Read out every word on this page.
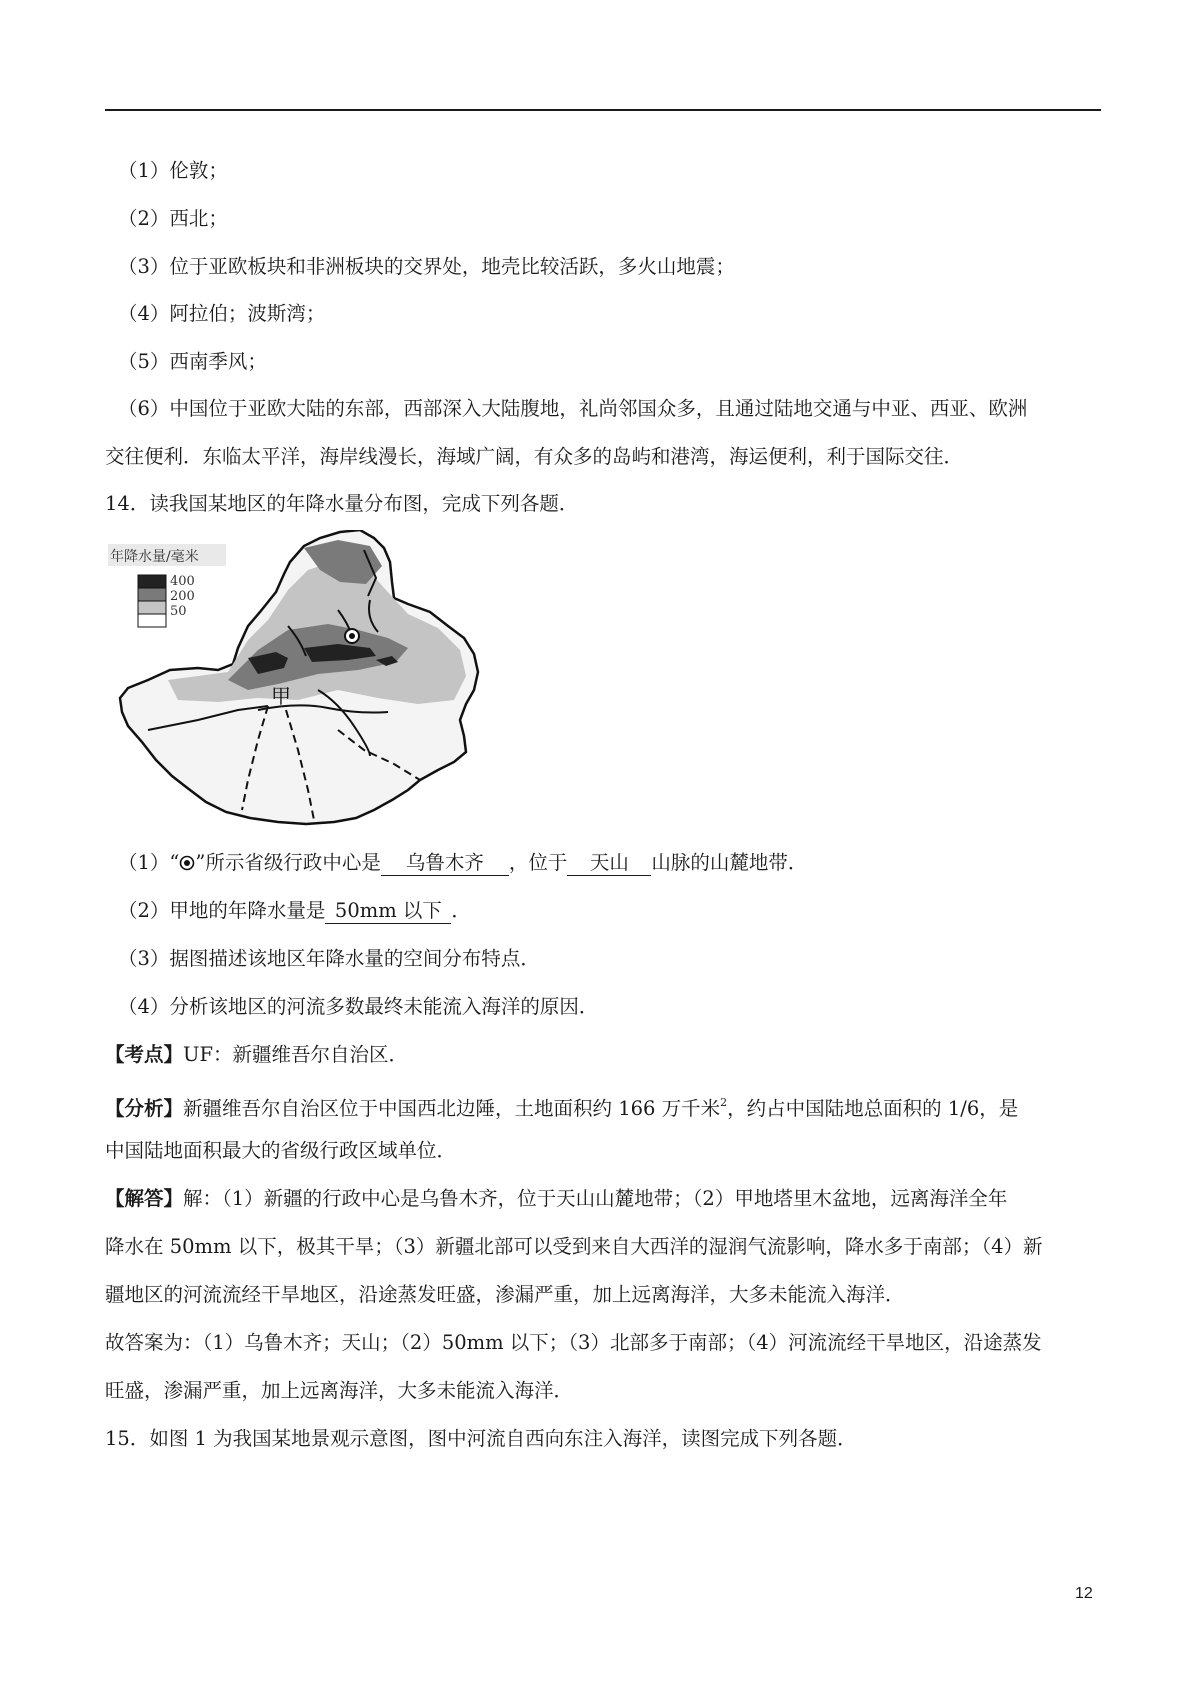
（1）伦敦；
（2）西北；
（3）位于亚欧板块和非洲板块的交界处，地壳比较活跃，多火山地震；
（4）阿拉伯；波斯湾；
（5）西南季风；
（6）中国位于亚欧大陆的东部，西部深入大陆腹地，礼尚邻国众多，且通过陆地交通与中亚、西亚、欧洲
交往便利．东临太平洋，海岸线漫长，海域广阔，有众多的岛屿和港湾，海运便利，利于国际交往．
14．读我国某地区的年降水量分布图，完成下列各题．
甲
年降水量/毫米
400
200
50
（1）“ ”所示省级行政中心是 乌鲁木齐 ，位于 天山 山脉的山麓地带．
（2）甲地的年降水量是 50mm 以下 ．
（3）据图描述该地区年降水量的空间分布特点．
（4）分析该地区的河流多数最终未能流入海洋的原因．
【考点】UF：新疆维吾尔自治区．
【分析】新疆维吾尔自治区位于中国西北边陲，土地面积约 166 万千米$^2$，约占中国陆地总面积的 1/6，是
中国陆地面积最大的省级行政区域单位．
【解答】解：（1）新疆的行政中心是乌鲁木齐，位于天山山麓地带；（2）甲地塔里木盆地，远离海洋全年
降水在 50mm 以下，极其干旱；（3）新疆北部可以受到来自大西洋的湿润气流影响，降水多于南部；（4）新
疆地区的河流流经干旱地区，沿途蒸发旺盛，渗漏严重，加上远离海洋，大多未能流入海洋．
故答案为：（1）乌鲁木齐；天山；（2）50mm 以下；（3）北部多于南部；（4）河流流经干旱地区，沿途蒸发
旺盛，渗漏严重，加上远离海洋，大多未能流入海洋．
15．如图 1 为我国某地景观示意图，图中河流自西向东注入海洋，读图完成下列各题．
12
